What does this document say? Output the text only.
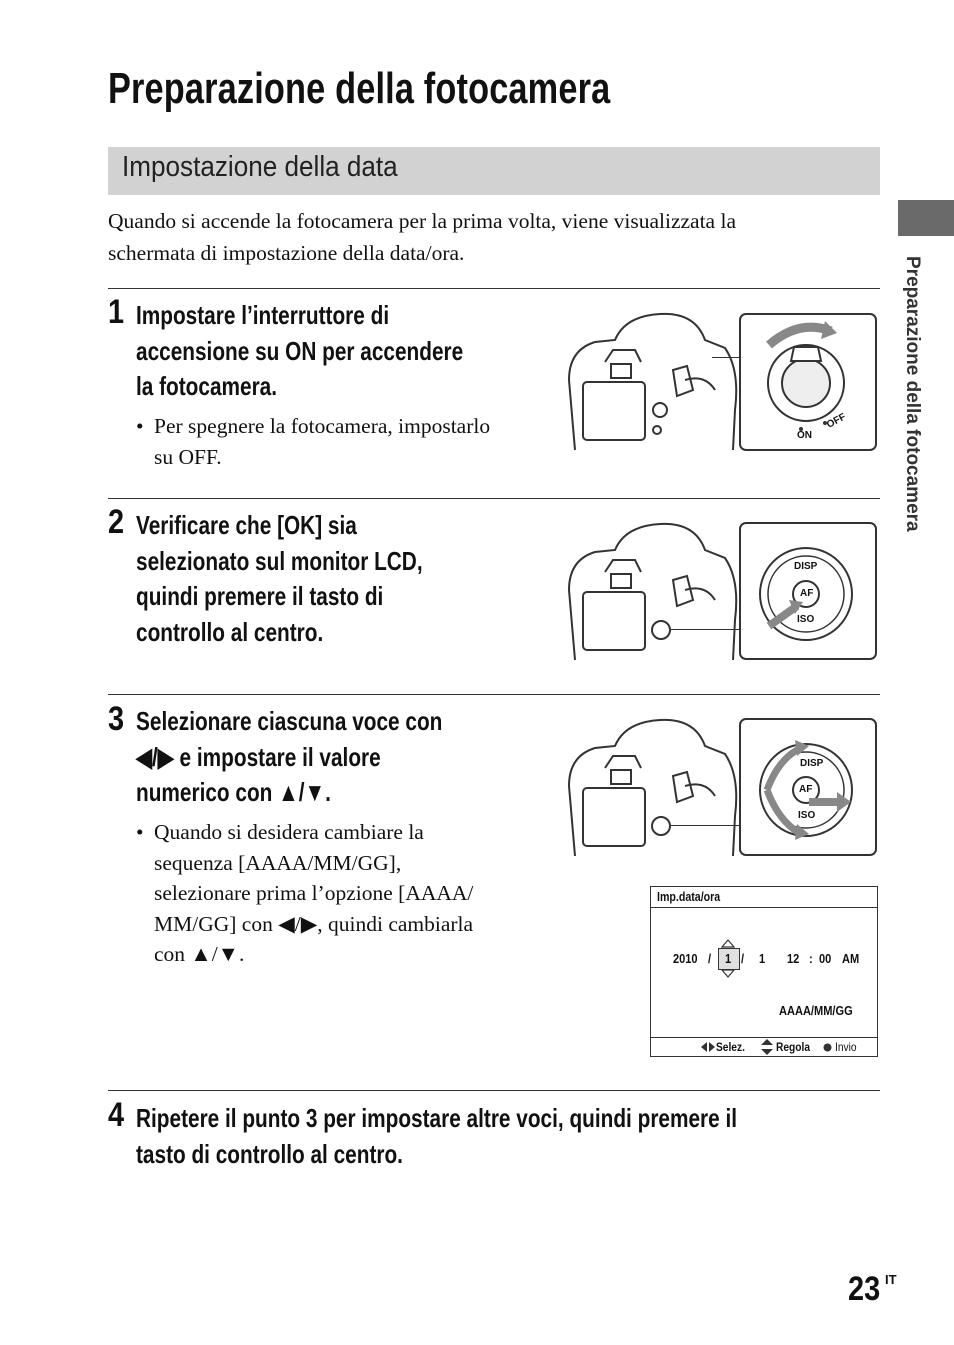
Preparazione della fotocamera
Impostazione della data
Quando si accende la fotocamera per la prima volta, viene visualizzata la
schermata di impostazione della data/ora.
Preparazione della fotocamera
1 Impostare l’interruttore di
accensione su ON per accendere
la fotocamera.
• Per spegnere la fotocamera, impostarlo
su OFF.
2 Verificare che [OK] sia
selezionato sul monitor LCD,
quindi premere il tasto di
controllo al centro.
3 Selezionare ciascuna voce con
◀/▶ e impostare il valore
numerico con ▲/▼.
• Quando si desidera cambiare la
sequenza [AAAA/MM/GG],
selezionare prima l’opzione [AAAA/
MM/GG] con ◀/▶, quindi cambiarla
con ▲/▼.
4 Ripetere il punto 3 per impostare altre voci, quindi premere il
tasto di controllo al centro.
ON
OFF
DISP
AF
ISO
DISP
AF
ISO
Imp.data/ora
2010 / 1 / 1 12 : 00 AM
AAAA/MM/GG
Selez.	Regola Invio
23 IT
